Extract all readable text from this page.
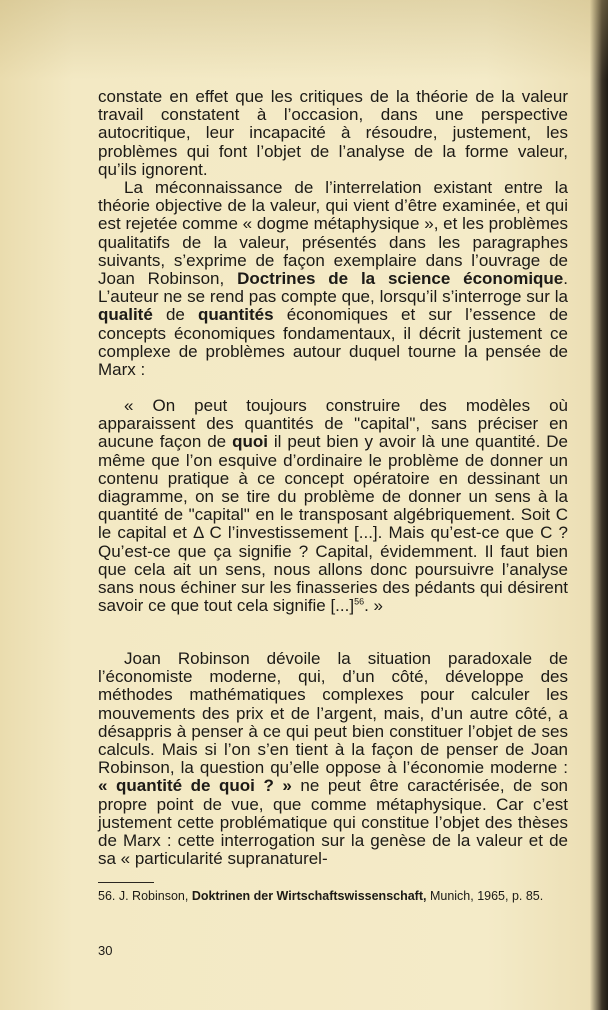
constate en effet que les critiques de la théorie de la valeur travail constatent à l’occasion, dans une perspective autocritique, leur incapacité à résoudre, justement, les problèmes qui font l’objet de l’analyse de la forme valeur, qu’ils ignorent.

La méconnaissance de l’interrelation existant entre la théorie objective de la valeur, qui vient d’être examinée, et qui est rejetée comme « dogme métaphysique », et les problèmes qualitatifs de la valeur, présentés dans les paragraphes suivants, s’exprime de façon exemplaire dans l’ouvrage de Joan Robinson, Doctrines de la science économique. L’auteur ne se rend pas compte que, lorsqu’il s’interroge sur la qualité de quantités économiques et sur l’essence de concepts économiques fondamentaux, il décrit justement ce complexe de problèmes autour duquel tourne la pensée de Marx :

« On peut toujours construire des modèles où apparaissent des quantités de "capital", sans préciser en aucune façon de quoi il peut bien y avoir là une quantité. De même que l’on esquive d’ordinaire le problème de donner un contenu pratique à ce concept opératoire en dessinant un diagramme, on se tire du problème de donner un sens à la quantité de "capital" en le transposant algébriquement. Soit C le capital et Δ C l’investissement [...]. Mais qu’est-ce que C ? Qu’est-ce que ça signifie ? Capital, évidemment. Il faut bien que cela ait un sens, nous allons donc poursuivre l’analyse sans nous échiner sur les finasseries des pédants qui désirent savoir ce que tout cela signifie [...]$^{56}$. »

Joan Robinson dévoile la situation paradoxale de l’économiste moderne, qui, d’un côté, développe des méthodes mathématiques complexes pour calculer les mouvements des prix et de l’argent, mais, d’un autre côté, a désappris à penser à ce qui peut bien constituer l’objet de ses calculs. Mais si l’on s’en tient à la façon de penser de Joan Robinson, la question qu’elle oppose à l’économie moderne : « quantité de quoi ? » ne peut être caractérisée, de son propre point de vue, que comme métaphysique. Car c’est justement cette problématique qui constitue l’objet des thèses de Marx : cette interrogation sur la genèse de la valeur et de sa « particularité supranaturel-

56. J. Robinson, Doktrinen der Wirtschaftswissenschaft, Munich, 1965, p. 85.
30
